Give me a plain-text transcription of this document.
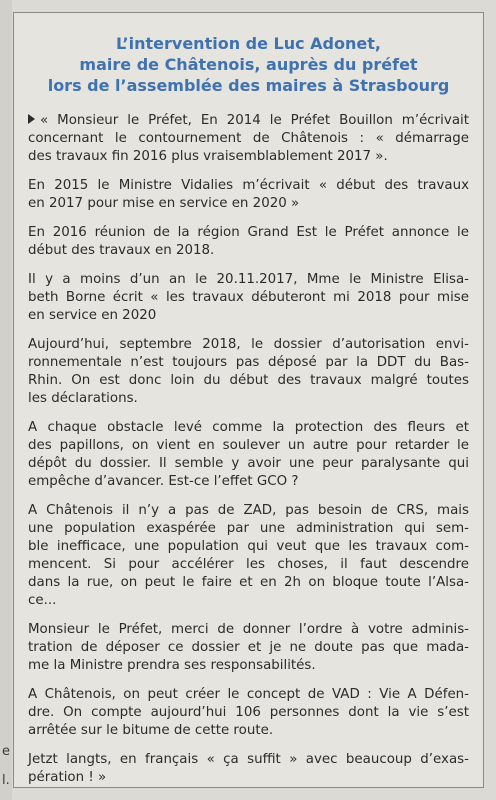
e
l.
L’intervention de Luc Adonet,
maire de Châtenois, auprès du préfet
lors de l’assemblée des maires à Strasbourg
« Monsieur le Préfet, En 2014 le Préfet Bouillon m’écrivait
concernant le contournement de Châtenois : « démarrage
des travaux fin 2016 plus vraisemblablement 2017 ».
En 2015 le Ministre Vidalies m’écrivait « début des travaux
en 2017 pour mise en service en 2020 »
En 2016 réunion de la région Grand Est le Préfet annonce le
début des travaux en 2018.
Il y a moins d’un an le 20.11.2017, Mme le Ministre Elisa-
beth Borne écrit « les travaux débuteront mi 2018 pour mise
en service en 2020
Aujourd’hui, septembre 2018, le dossier d’autorisation envi-
ronnementale n’est toujours pas déposé par la DDT du Bas-
Rhin. On est donc loin du début des travaux malgré toutes
les déclarations.
A chaque obstacle levé comme la protection des fleurs et
des papillons, on vient en soulever un autre pour retarder le
dépôt du dossier. Il semble y avoir une peur paralysante qui
empêche d’avancer. Est-ce l’effet GCO ?
A Châtenois il n’y a pas de ZAD, pas besoin de CRS, mais
une population exaspérée par une administration qui sem-
ble inefficace, une population qui veut que les travaux com-
mencent. Si pour accélérer les choses, il faut descendre
dans la rue, on peut le faire et en 2h on bloque toute l’Alsa-
ce...
Monsieur le Préfet, merci de donner l’ordre à votre adminis-
tration de déposer ce dossier et je ne doute pas que mada-
me la Ministre prendra ses responsabilités.
A Châtenois, on peut créer le concept de VAD : Vie A Défen-
dre. On compte aujourd’hui 106 personnes dont la vie s’est
arrêtée sur le bitume de cette route.
Jetzt langts, en français « ça suffit » avec beaucoup d’exas-
pération ! »
